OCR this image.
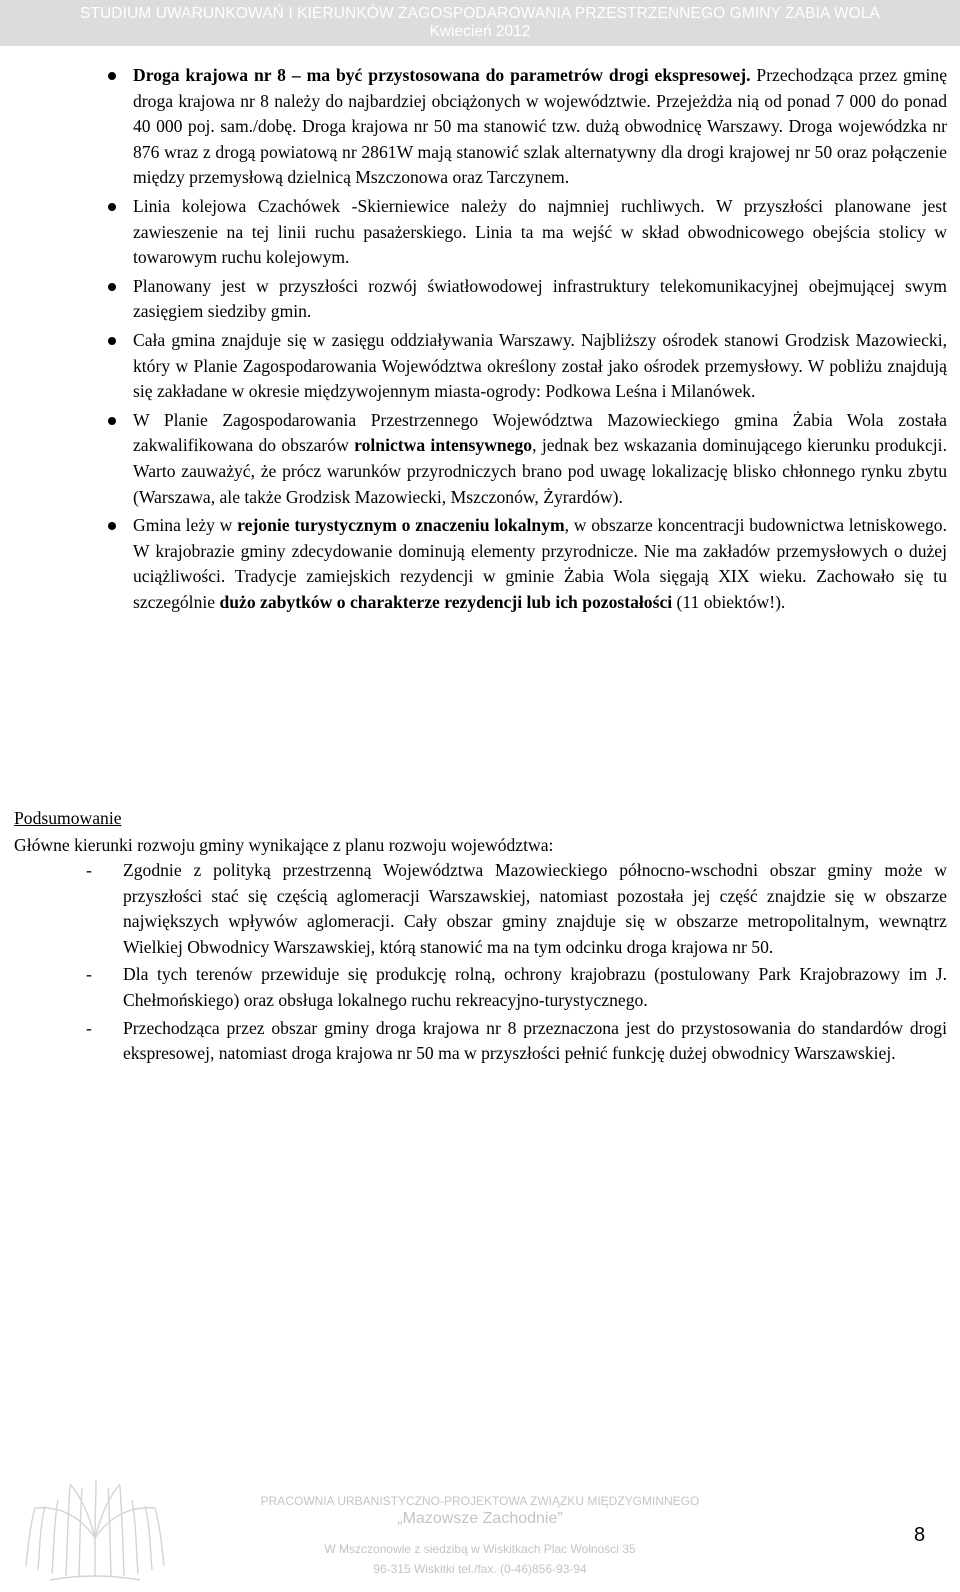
STUDIUM UWARUNKOWAŃ I KIERUNKÓW ZAGOSPODAROWANIA PRZESTRZENNEGO GMINY ŻABIA WOLA
Kwiecień 2012
Droga krajowa nr 8 – ma być przystosowana do parametrów drogi ekspresowej. Przechodząca przez gminę droga krajowa nr 8 należy do najbardziej obciążonych w województwie. Przejeżdża nią od ponad 7 000 do ponad 40 000 poj. sam./dobę. Droga krajowa nr 50 ma stanowić tzw. dużą obwodnicę Warszawy. Droga wojewódzka nr 876 wraz z drogą powiatową nr 2861W mają stanowić szlak alternatywny dla drogi krajowej nr 50 oraz połączenie między przemysłową dzielnicą Mszczonowa oraz Tarczynem.
Linia kolejowa Czachówek -Skierniewice należy do najmniej ruchliwych. W przyszłości planowane jest zawieszenie na tej linii ruchu pasażerskiego. Linia ta ma wejść w skład obwodnicowego obejścia stolicy w towarowym ruchu kolejowym.
Planowany jest w przyszłości rozwój światłowodowej infrastruktury telekomunikacyjnej obejmującej swym zasięgiem siedziby gmin.
Cała gmina znajduje się w zasięgu oddziaływania Warszawy. Najbliższy ośrodek stanowi Grodzisk Mazowiecki, który w Planie Zagospodarowania Województwa określony został jako ośrodek przemysłowy. W pobliżu znajdują się zakładane w okresie międzywojennym miasta-ogrody: Podkowa Leśna i Milanówek.
W Planie Zagospodarowania Przestrzennego Województwa Mazowieckiego gmina Żabia Wola została zakwalifikowana do obszarów rolnictwa intensywnego, jednak bez wskazania dominującego kierunku produkcji. Warto zauważyć, że prócz warunków przyrodniczych brano pod uwagę lokalizację blisko chłonnego rynku zbytu (Warszawa, ale także Grodzisk Mazowiecki, Mszczonów, Żyrardów).
Gmina leży w rejonie turystycznym o znaczeniu lokalnym, w obszarze koncentracji budownictwa letniskowego. W krajobrazie gminy zdecydowanie dominują elementy przyrodnicze. Nie ma zakładów przemysłowych o dużej uciążliwości. Tradycje zamiejskich rezydencji w gminie Żabia Wola sięgają XIX wieku. Zachowało się tu szczególnie dużo zabytków o charakterze rezydencji lub ich pozostałości (11 obiektów!).
Podsumowanie
Główne kierunki rozwoju gminy wynikające z planu rozwoju województwa:
- Zgodnie z polityką przestrzenną Województwa Mazowieckiego północno-wschodni obszar gminy może w przyszłości stać się częścią aglomeracji Warszawskiej, natomiast pozostała jej część znajdzie się w obszarze największych wpływów aglomeracji. Cały obszar gminy znajduje się w obszarze metropolitalnym, wewnątrz Wielkiej Obwodnicy Warszawskiej, którą stanowić ma na tym odcinku droga krajowa nr 50.
- Dla tych terenów przewiduje się produkcję rolną, ochrony krajobrazu (postulowany Park Krajobrazowy im J. Chełmońskiego) oraz obsługa lokalnego ruchu rekreacyjno-turystycznego.
- Przechodząca przez obszar gminy droga krajowa nr 8 przeznaczona jest do przystosowania do standardów drogi ekspresowej, natomiast droga krajowa nr 50 ma w przyszłości pełnić funkcję dużej obwodnicy Warszawskiej.
PRACOWNIA URBANISTYCZNO-PROJEKTOWA ZWIĄZKU MIĘDZYGMINNEGO
„Mazowsze Zachodnie”
W Mszczonowie z siedzibą w Wiskitkach Plac Wolności 35
96-315 Wiskitki tel./fax. (0-46)856-93-94
8
